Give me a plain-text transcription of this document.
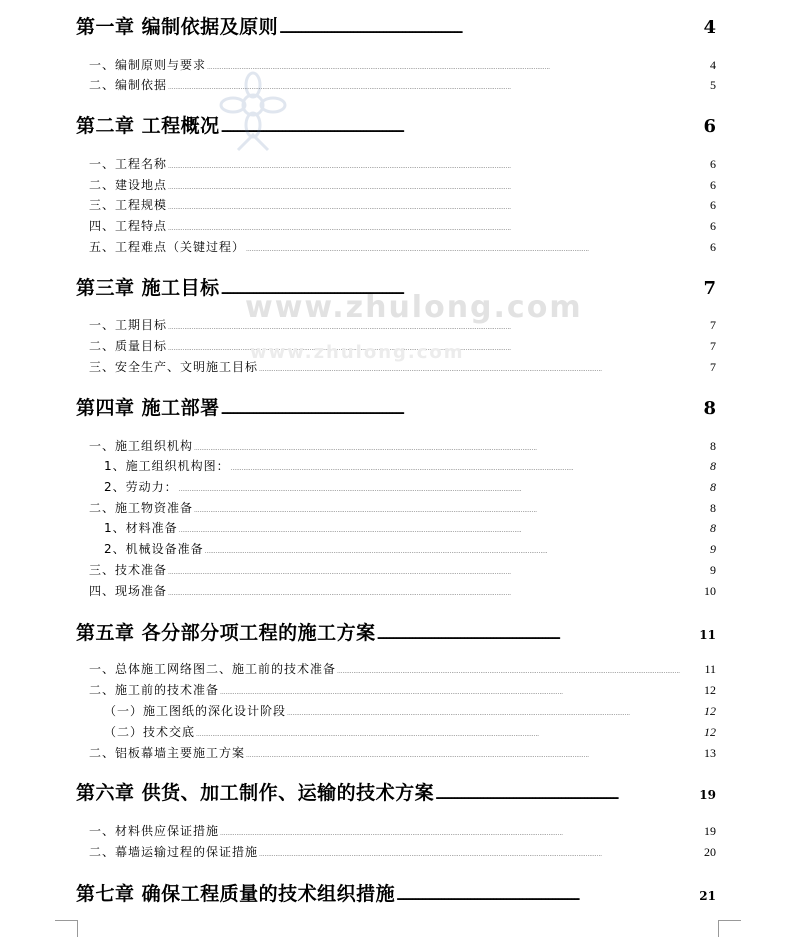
第一章 编制依据及原则 . . .	4
一、编制原则与要求 . . .	4
二、编制依据 . . .	5
第二章 工程概况 . . .	6
一、工程名称 . . .	6
二、建设地点 . . .	6
三、工程规模 . . .	6
四、工程特点 . . .	6
五、工程难点（关键过程） . . .	6
第三章 施工目标 . . .	7
一、工期目标 . . .	7
二、质量目标 . . .	7
三、安全生产、文明施工目标 . . .	7
第四章 施工部署 . . .	8
一、施工组织机构 . . .	8
1、施工组织机构图： . . .	8
2、劳动力： . . .	8
二、施工物资准备 . . .	8
1、材料准备 . . .	8
2、机械设备准备 . . .	9
三、技术准备 . . .	9
四、现场准备 . . .	10
第五章 各分部分项工程的施工方案 . . .	11
一、总体施工网络图二、施工前的技术准备 . . .	11
二、施工前的技术准备 . . .	12
（一）施工图纸的深化设计阶段 . . .	12
（二）技术交底 . . .	12
二、铝板幕墙主要施工方案 . . .	13
第六章 供货、加工制作、运输的技术方案 . . .	19
一、材料供应保证措施 . . .	19
二、幕墙运输过程的保证措施 . . .	20
第七章 确保工程质量的技术组织措施 . . .	21
www.zhulong.com
www.zhulong.com
